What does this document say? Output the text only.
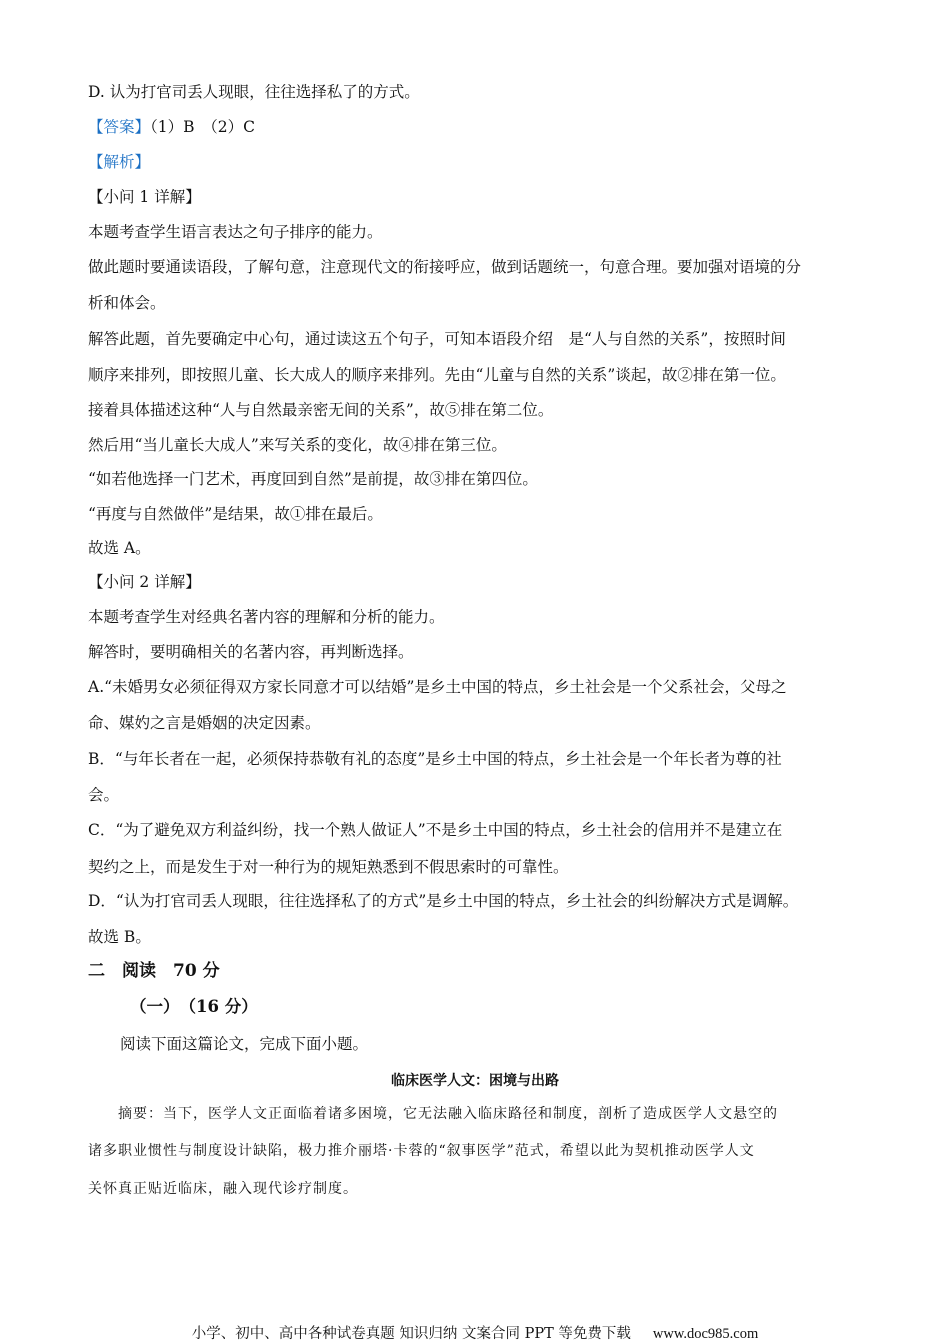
D. 认为打官司丢人现眼，往往选择私了的方式。
【答案】（1）B　（2）C
【解析】
【小问 1 详解】
本题考查学生语言表达之句子排序的能力。
做此题时要通读语段，了解句意，注意现代文的衔接呼应，做到话题统一，句意合理。要加强对语境的分
析和体会。
解答此题，首先要确定中心句，通过读这五个句子，可知本语段介绍　是“人与自然的关系”，按照时间
顺序来排列，即按照儿童、长大成人的顺序来排列。先由“儿童与自然的关系”谈起，故②排在第一位。
接着具体描述这种“人与自然最亲密无间的关系”，故⑤排在第二位。
然后用“当儿童长大成人”来写关系的变化，故④排在第三位。
“如若他选择一门艺术，再度回到自然”是前提，故③排在第四位。
“再度与自然做伴”是结果，故①排在最后。
故选 A。
【小问 2 详解】
本题考查学生对经典名著内容的理解和分析的能力。
解答时，要明确相关的名著内容，再判断选择。
A.“未婚男女必须征得双方家长同意才可以结婚”是乡土中国的特点，乡土社会是一个父系社会，父母之
命、媒妁之言是婚姻的决定因素。
B．“与年长者在一起，必须保持恭敬有礼的态度”是乡土中国的特点，乡土社会是一个年长者为尊的社
会。
C．“为了避免双方利益纠纷，找一个熟人做证人”不是乡土中国的特点，乡土社会的信用并不是建立在
契约之上，而是发生于对一种行为的规矩熟悉到不假思索时的可靠性。
D．“认为打官司丢人现眼，往往选择私了的方式”是乡土中国的特点，乡土社会的纠纷解决方式是调解。
故选 B。
二　阅读　70 分
（一）　（16 分）
阅读下面这篇论文，完成下面小题。
临床医学人文：困境与出路
摘要：当下，医学人文正面临着诸多困境，它无法融入临床路径和制度，剖析了造成医学人文悬空的
诸多职业惯性与制度设计缺陷，极力推介丽塔·卡蓉的“叙事医学”范式，希望以此为契机推动医学人文
关怀真正贴近临床，融入现代诊疗制度。
小学、初中、高中各种试卷真题 知识归纳 文案合同 PPT 等免费下载 www.doc985.com
